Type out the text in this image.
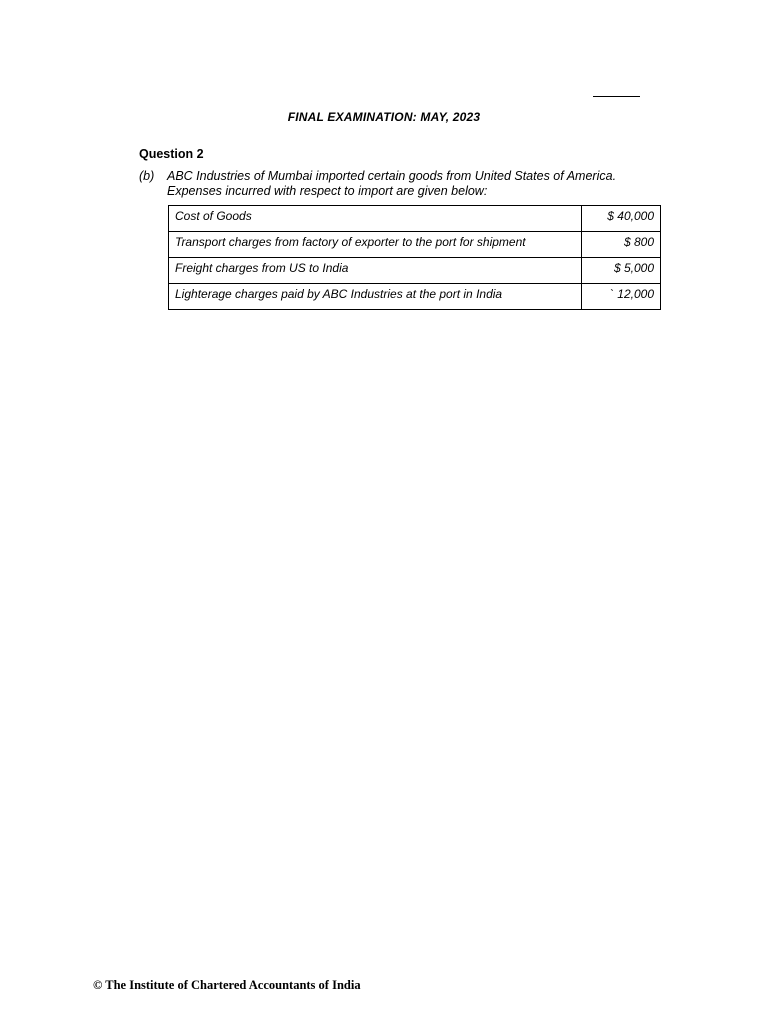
FINAL EXAMINATION: MAY, 2023
Question 2
(b) ABC Industries of Mumbai imported certain goods from United States of America.
Expenses incurred with respect to import are given below:
Cost of Goods	$ 40,000
Transport charges from factory of exporter to the port for shipment	$ 800
Freight charges from US to India	$ 5,000
Lighterage charges paid by ABC Industries at the port in India	` 12,000
© The Institute of Chartered Accountants of India
